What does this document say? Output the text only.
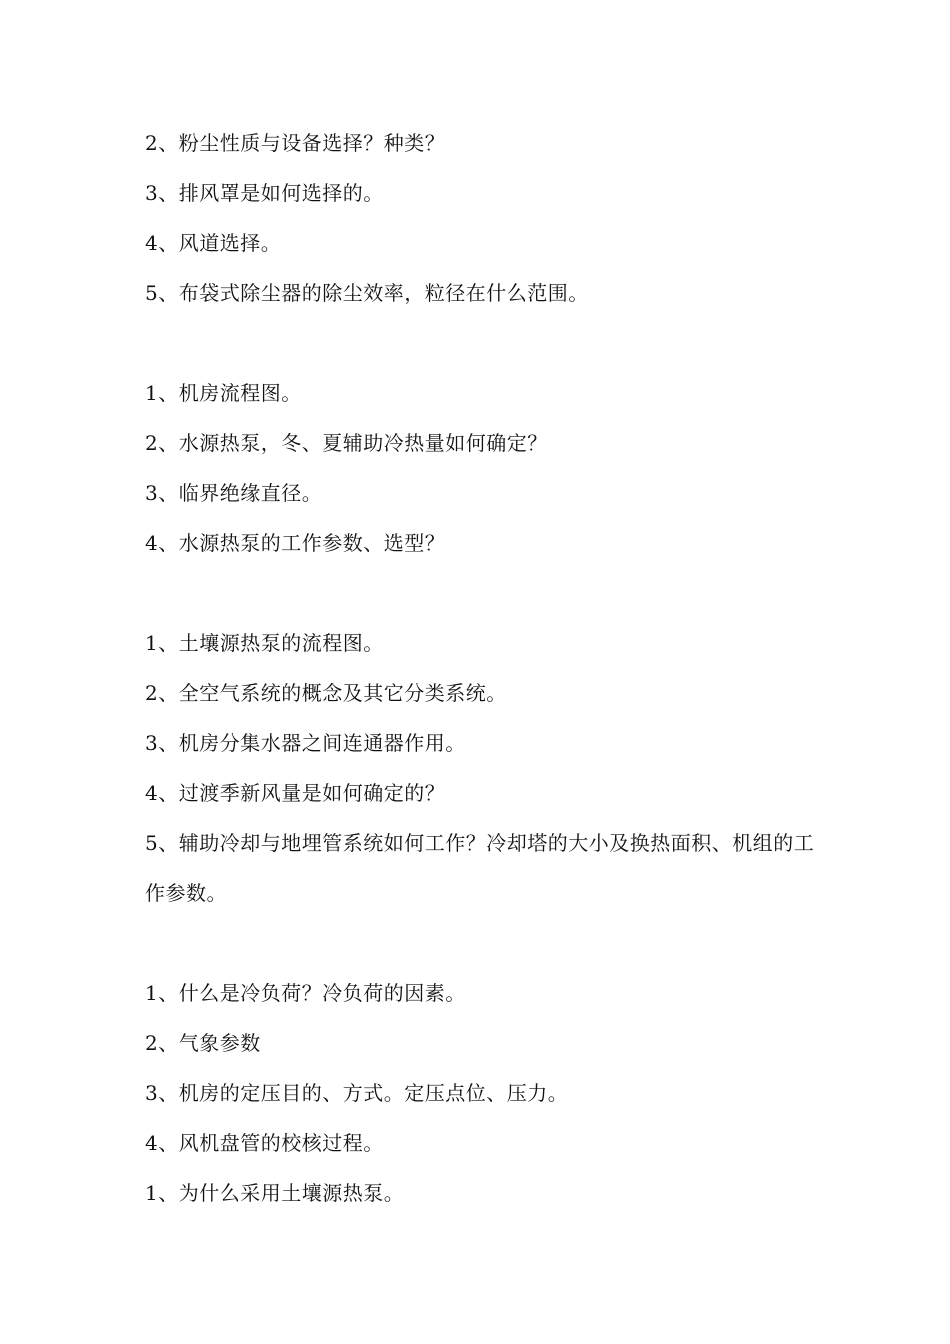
2、粉尘性质与设备选择？种类？
3、排风罩是如何选择的。
4、风道选择。
5、布袋式除尘器的除尘效率，粒径在什么范围。
1、机房流程图。
2、水源热泵，冬、夏辅助冷热量如何确定？
3、临界绝缘直径。
4、水源热泵的工作参数、选型？
1、土壤源热泵的流程图。
2、全空气系统的概念及其它分类系统。
3、机房分集水器之间连通器作用。
4、过渡季新风量是如何确定的？
5、辅助冷却与地埋管系统如何工作？冷却塔的大小及换热面积、机组的工作参数。
1、什么是冷负荷？冷负荷的因素。
2、气象参数
3、机房的定压目的、方式。定压点位、压力。
4、风机盘管的校核过程。
1、为什么采用土壤源热泵。
